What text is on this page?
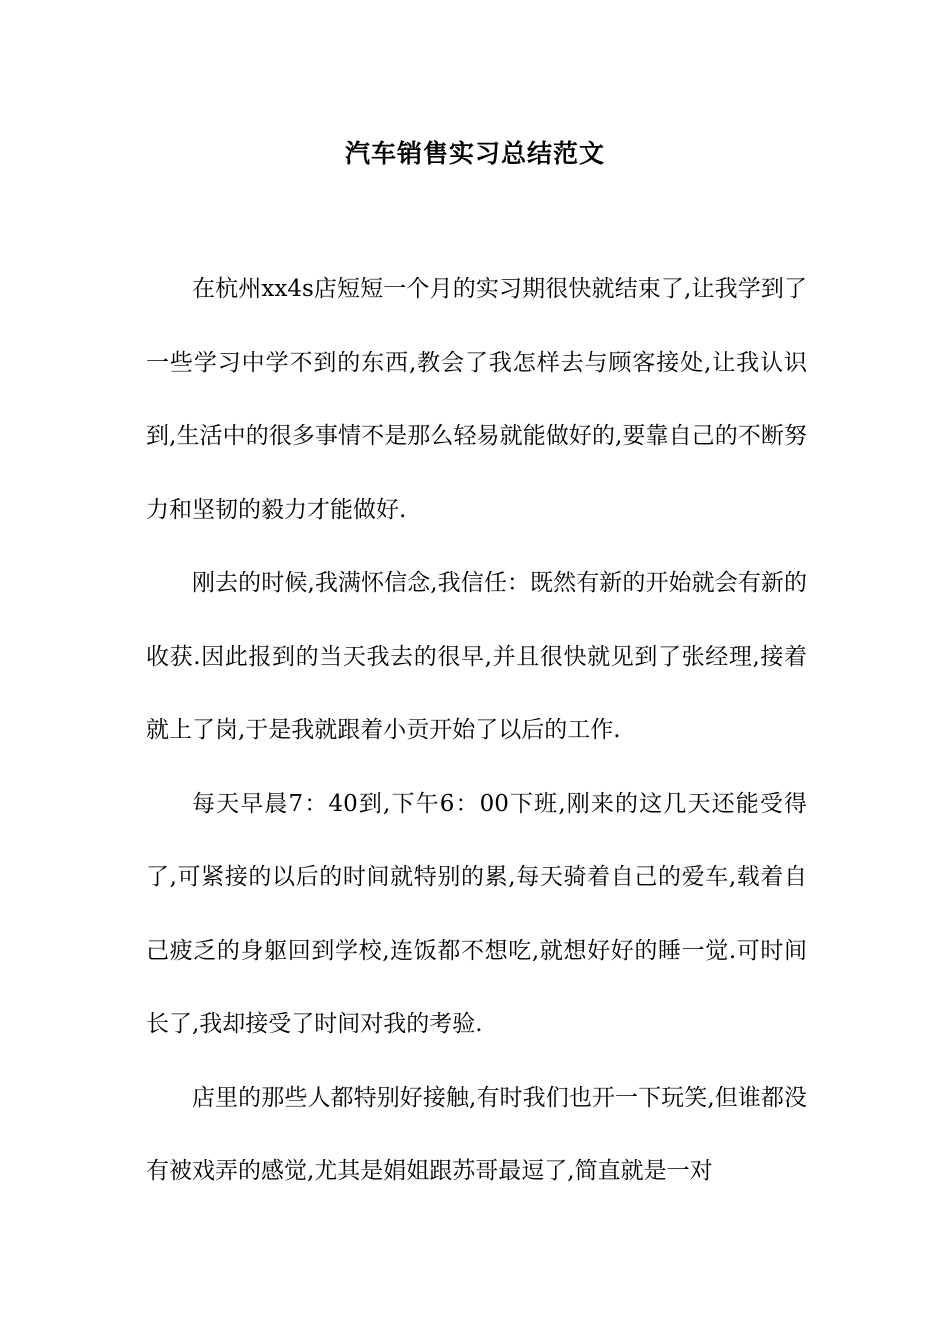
汽车销售实习总结范文

在杭州xx4s店短短一个月的实习期很快就结束了,让我学到了一些学习中学不到的东西,教会了我怎样去与顾客接处,让我认识到,生活中的很多事情不是那么轻易就能做好的,要靠自己的不断努力和坚韧的毅力才能做好.

刚去的时候,我满怀信念,我信任：既然有新的开始就会有新的收获.因此报到的当天我去的很早,并且很快就见到了张经理,接着就上了岗,于是我就跟着小贡开始了以后的工作.

每天早晨7：40到,下午6：00下班,刚来的这几天还能受得了,可紧接的以后的时间就特别的累,每天骑着自己的爱车,载着自己疲乏的身躯回到学校,连饭都不想吃,就想好好的睡一觉.可时间长了,我却接受了时间对我的考验.

店里的那些人都特别好接触,有时我们也开一下玩笑,但谁都没有被戏弄的感觉,尤其是娟姐跟苏哥最逗了,简直就是一对
